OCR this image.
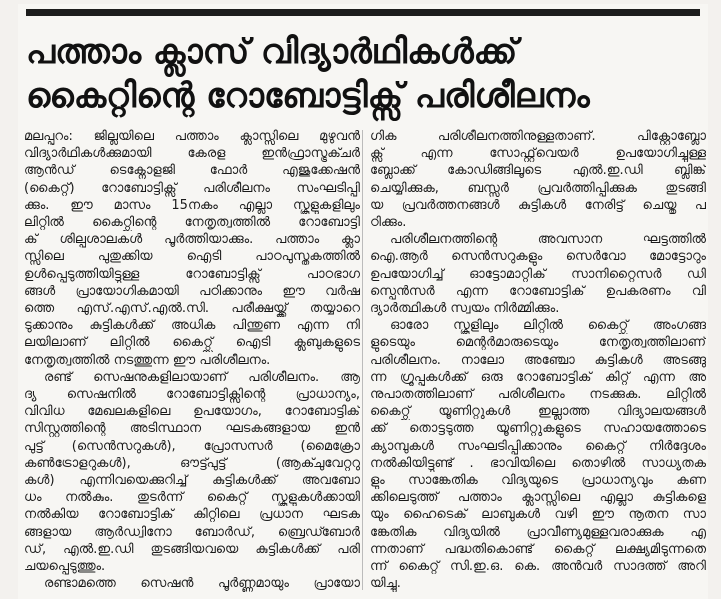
പത്താം ക്ലാസ് വിദ്യാർഥികൾക്ക്
കൈറ്റിന്റെ റോബോട്ടിക്സ് പരിശീലനം
മലപ്പുറം: ജില്ലയിലെ പത്താം ക്ലാസ്സിലെ മുഴുവൻ
വിദ്യാർഥികൾക്കുമായി കേരള ഇൻഫ്രാസ്ട്രക്ചർ
ആൻഡ് ടെക്നോളജി ഫോർ എജുക്കേഷൻ
(കൈറ്റ്) റോബോട്ടിക്സ് പരിശീലനം സംഘടിപ്പി
ക്കും. ഈ മാസം 15നകം എല്ലാ സ്കൂളുകളിലും
ലിറ്റിൽ കൈറ്റ്സിന്റെ നേതൃത്വത്തിൽ റോബോട്ടി
ക് ശില്പശാലകൾ പൂർത്തിയാക്കും. പത്താം ക്ലാ
സ്സിലെ പുതുക്കിയ ഐടി പാഠപുസ്തകത്തിൽ
ഉൾപ്പെടുത്തിയിട്ടുള്ള റോബോട്ടിക്സ് പാഠഭാഗ
ങ്ങൾ പ്രായോഗികമായി പഠിക്കാനും ഈ വർഷ
ത്തെ എസ്.എസ്.എൽ.സി. പരീക്ഷയ്ക്ക് തയ്യാറെ
ടുക്കാനും കുട്ടികൾക്ക് അധിക പിന്തുണ എന്ന നി
ലയിലാണ് ലിറ്റിൽ കൈറ്റ്സ് ഐടി ക്ലബുകളുടെ
നേതൃത്വത്തിൽ നടത്തുന്ന ഈ പരിശീലനം.
രണ്ട് സെഷനുകളിലായാണ് പരിശീലനം. ആ
ദ്യ സെഷനിൽ റോബോട്ടിക്സിന്റെ പ്രാധാന്യം,
വിവിധ മേഖലകളിലെ ഉപയോഗം, റോബോട്ടിക്
സിസ്റ്റത്തിന്റെ അടിസ്ഥാന ഘടകങ്ങളായ ഇൻ
പുട്ട് (സെൻസറുകൾ), പ്രോസസർ (മൈക്രോ
കൺട്രോളറുകൾ), ഔട്ട്പുട്ട് (ആക്ചുവേറ്ററു
കൾ) എന്നിവയെക്കുറിച്ച് കുട്ടികൾക്ക് അവബോ
ധം നൽകും. തുടർന്ന് കൈറ്റ് സ്കൂളുകൾക്കായി
നൽകിയ റോബോട്ടിക് കിറ്റിലെ പ്രധാന ഘടക
ങ്ങളായ ആർഡ്വിനോ ബോർഡ്, ബ്രെഡ്ബോർ
ഡ്, എൽ.ഇ.ഡി തുടങ്ങിയവയെ കുട്ടികൾക്ക് പരി
ചയപ്പെടുത്തും.
രണ്ടാമത്തെ സെഷൻ പൂർണ്ണമായും പ്രായോ
ഗിക പരിശീലനത്തിനുള്ളതാണ്. പിക്റ്റോബ്ലോ
ക്സ് എന്ന സോഫ്റ്റ്‌വെയർ ഉപയോഗിച്ചുള്ള
ബ്ലോക്ക് കോഡിങ്ങിലൂടെ എൽ.ഇ.ഡി ബ്ലിങ്ക്
ചെയ്യിക്കുക, ബസ്സർ പ്രവർത്തിപ്പിക്കുക തുടങ്ങി
യ പ്രവർത്തനങ്ങൾ കുട്ടികൾ നേരിട്ട് ചെയ്തു പ
ഠിക്കും.
പരിശീലനത്തിന്റെ അവസാന ഘട്ടത്തിൽ
ഐ.ആർ സെൻസറുകളും സെർവോ മോട്ടോറും
ഉപയോഗിച്ച് ഓട്ടോമാറ്റിക് സാനിറ്റൈസർ ഡി
സ്പെൻസർ എന്ന റോബോട്ടിക് ഉപകരണം വി
ദ്യാർത്ഥികൾ സ്വയം നിർമ്മിക്കും.
ഓരോ സ്കൂളിലും ലിറ്റിൽ കൈറ്റ്സ് അംഗങ്ങ
ളുടെയും മെന്റർമാരുടെയും നേതൃത്വത്തിലാണ്
പരിശീലനം. നാലോ അഞ്ചോ കുട്ടികൾ അടങ്ങു
ന്ന ഗ്രൂപ്പുകൾക്ക് ഒരു റോബോട്ടിക് കിറ്റ് എന്ന അ
നുപാതത്തിലാണ് പരിശീലനം നടക്കുക. ലിറ്റിൽ
കൈറ്റ്സ് യൂണിറ്റുകൾ ഇല്ലാത്ത വിദ്യാലയങ്ങൾ
ക്ക് തൊട്ടടുത്ത യൂണിറ്റുകളുടെ സഹായത്തോടെ
ക്യാമ്പുകൾ സംഘടിപ്പിക്കാനും കൈറ്റ് നിർദ്ദേശം
നൽകിയിട്ടുണ്ട് . ഭാവിയിലെ തൊഴിൽ സാധ്യതക
ളും സാങ്കേതിക വിദ്യയുടെ പ്രാധാന്യവും കണ
ക്കിലെടുത്ത് പത്താം ക്ലാസ്സിലെ എല്ലാ കുട്ടികളെ
യും ഹൈടെക് ലാബുകൾ വഴി ഈ നൂതന സാ
ങ്കേതിക വിദ്യയിൽ പ്രാവീണ്യമുള്ളവരാക്കുക എ
ന്നതാണ് പദ്ധതികൊണ്ട് കൈറ്റ് ലക്ഷ്യമിടുന്നതെ
ന്ന് കൈറ്റ് സി.ഇ.ഒ. കെ. അൻവർ സാദത്ത് അറി
യിച്ചു.
